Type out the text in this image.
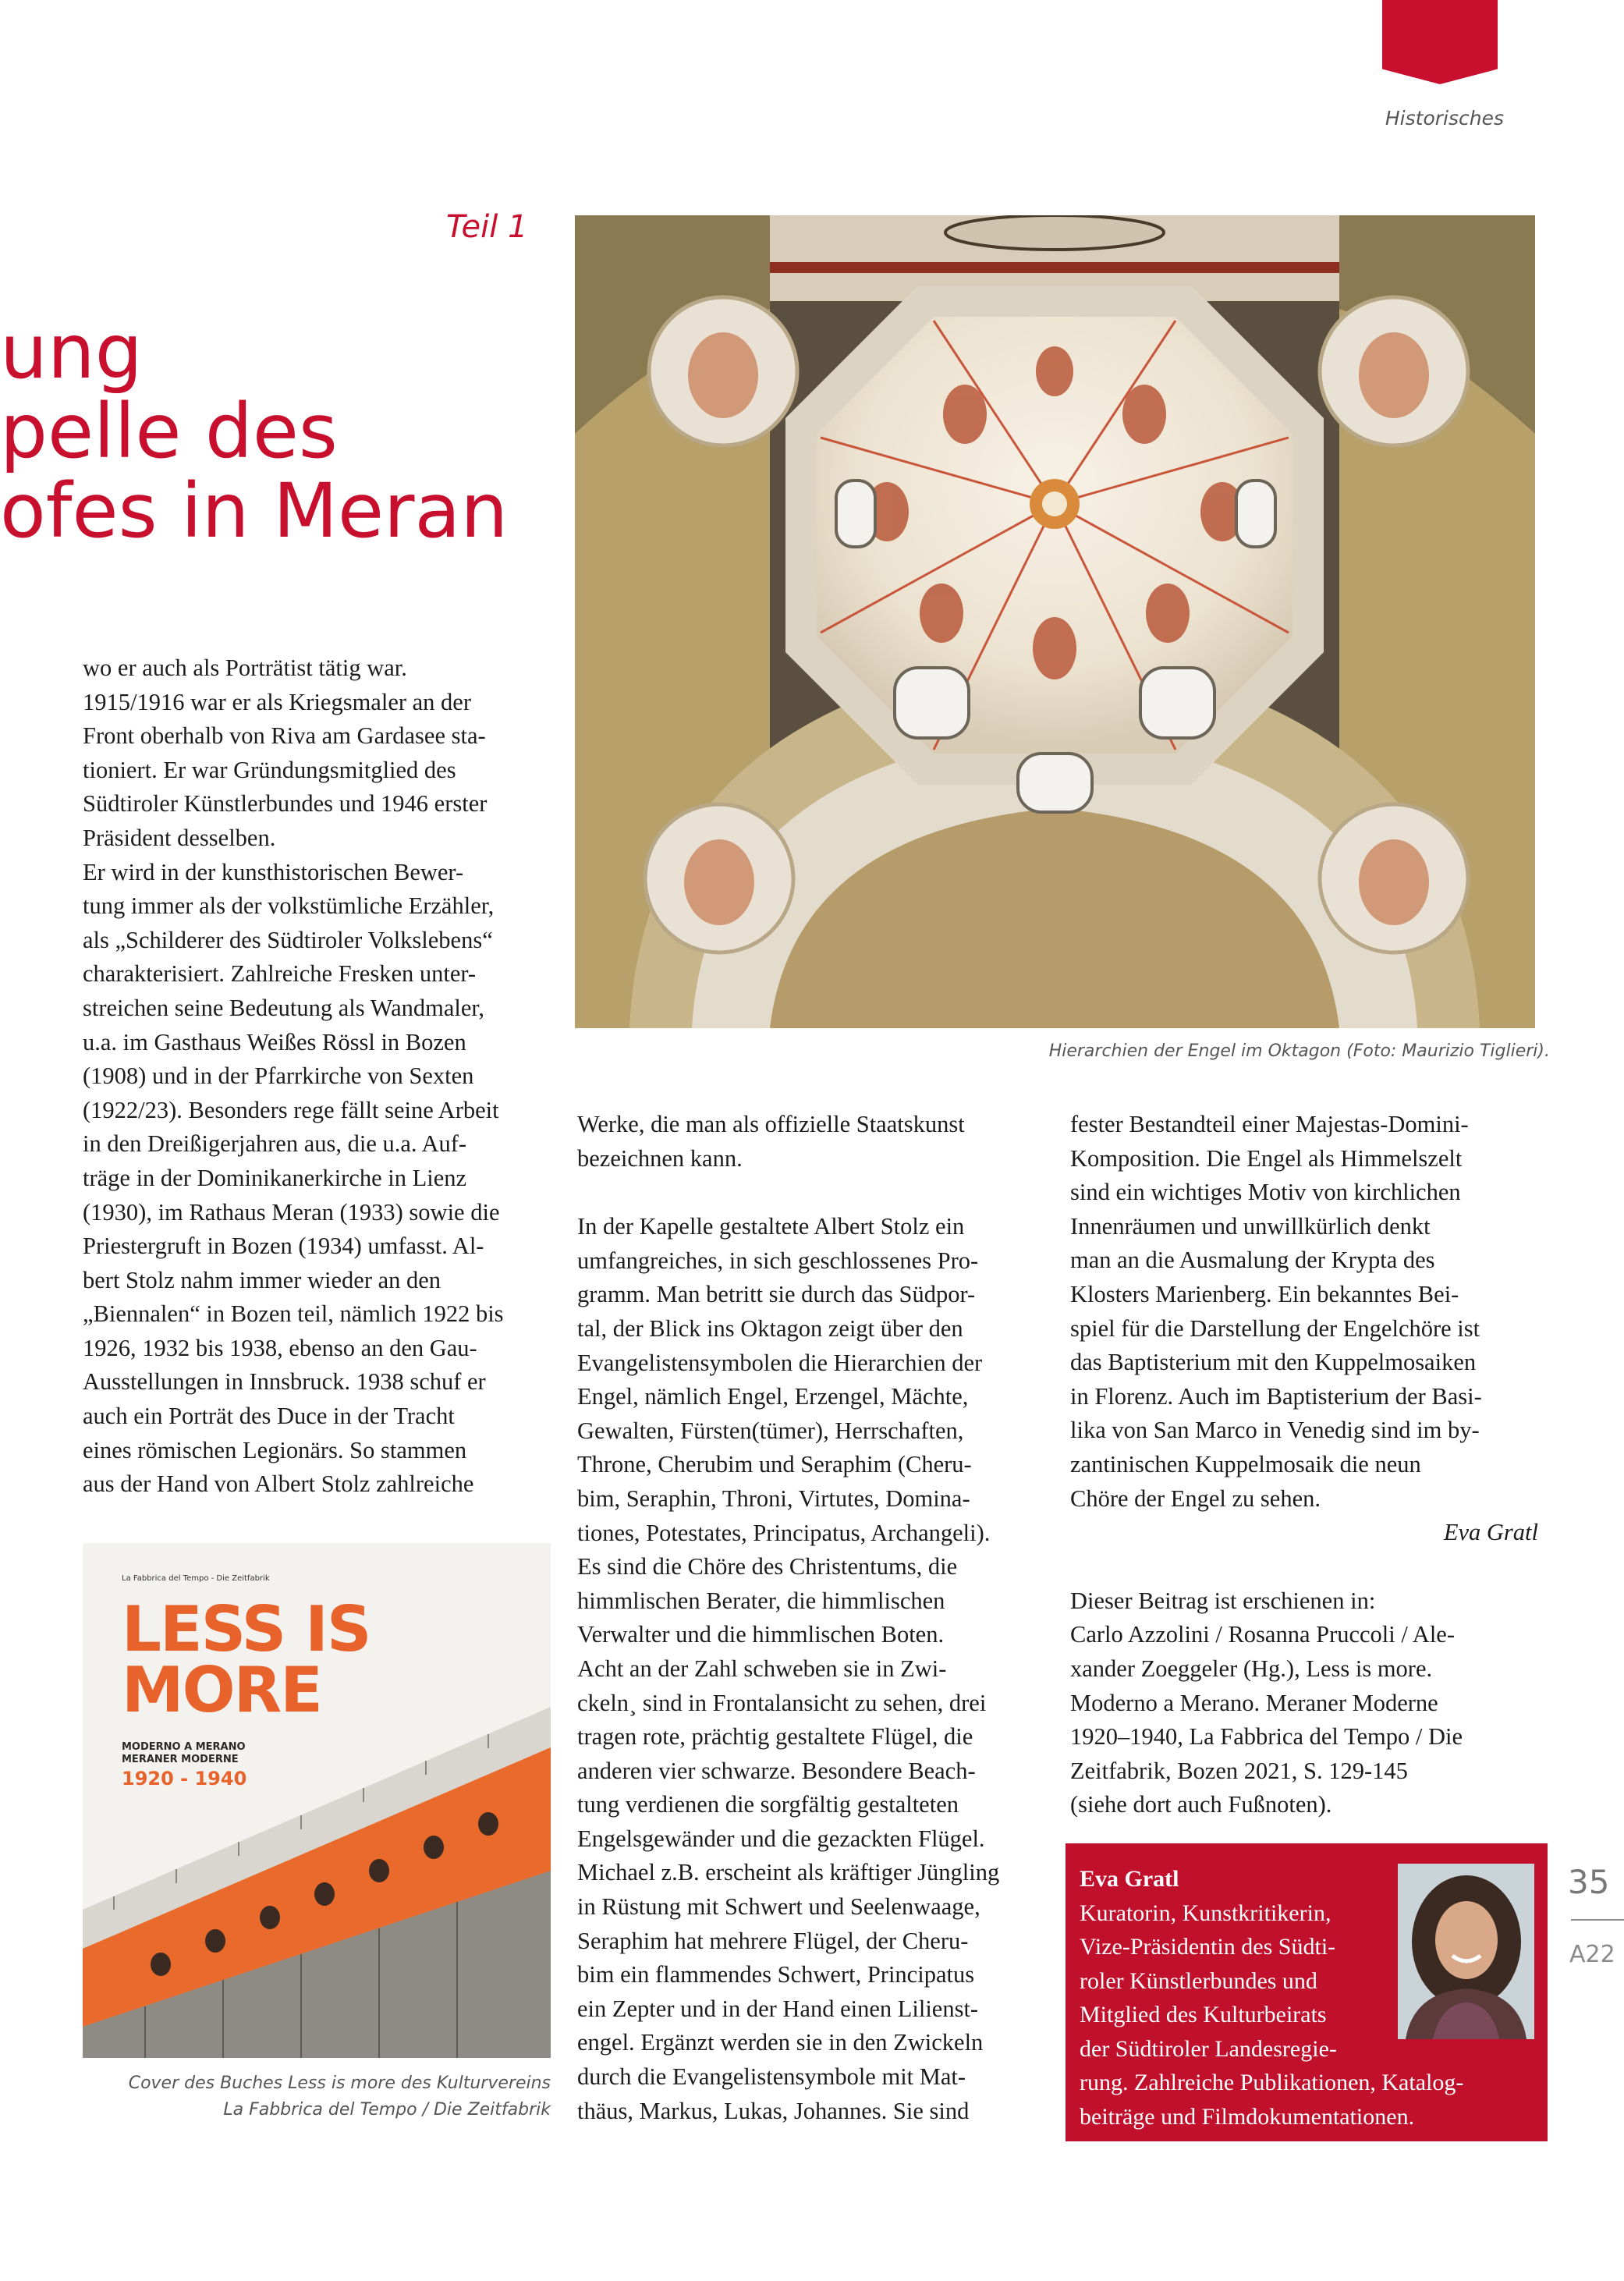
Historisches
Teil 1
ung
pelle des
ofes in Meran

wo er auch als Porträtist tätig war.
1915/1916 war er als Kriegsmaler an der
Front oberhalb von Riva am Gardasee sta-
tioniert. Er war Gründungsmitglied des
Südtiroler Künstlerbundes und 1946 erster
Präsident desselben.
Er wird in der kunsthistorischen Bewer-
tung immer als der volkstümliche Erzähler,
als „Schilderer des Südtiroler Volkslebens“
charakterisiert. Zahlreiche Fresken unter-
streichen seine Bedeutung als Wandmaler,
u.a. im Gasthaus Weißes Rössl in Bozen
(1908) und in der Pfarrkirche von Sexten
(1922/23). Besonders rege fällt seine Arbeit
in den Dreißigerjahren aus, die u.a. Auf-
träge in der Dominikanerkirche in Lienz
(1930), im Rathaus Meran (1933) sowie die
Priestergruft in Bozen (1934) umfasst. Al-
bert Stolz nahm immer wieder an den
„Biennalen“ in Bozen teil, nämlich 1922 bis
1926, 1932 bis 1938, ebenso an den Gau-
Ausstellungen in Innsbruck. 1938 schuf er
auch ein Porträt des Duce in der Tracht
eines römischen Legionärs. So stammen
aus der Hand von Albert Stolz zahlreiche

Hierarchien der Engel im Oktagon (Foto: Maurizio Tiglieri).
La Fabbrica del Tempo - Die Zeitfabrik
LESS IS
MORE
MODERNO A MERANO
MERANER MODERNE
1920 - 1940
Cover des Buches Less is more des Kulturvereins
La Fabbrica del Tempo / Die Zeitfabrik

Werke, die man als offizielle Staatskunst
bezeichnen kann.

In der Kapelle gestaltete Albert Stolz ein
umfangreiches, in sich geschlossenes Pro-
gramm. Man betritt sie durch das Südpor-
tal, der Blick ins Oktagon zeigt über den
Evangelistensymbolen die Hierarchien der
Engel, nämlich Engel, Erzengel, Mächte,
Gewalten, Fürsten(tümer), Herrschaften,
Throne, Cherubim und Seraphim (Cheru-
bim, Seraphin, Throni, Virtutes, Domina-
tiones, Potestates, Principatus, Archangeli).
Es sind die Chöre des Christentums, die
himmlischen Berater, die himmlischen
Verwalter und die himmlischen Boten.
Acht an der Zahl schweben sie in Zwi-
ckeln¸ sind in Frontalansicht zu sehen, drei
tragen rote, prächtig gestaltete Flügel, die
anderen vier schwarze. Besondere Beach-
tung verdienen die sorgfältig gestalteten
Engelsgewänder und die gezackten Flügel.
Michael z.B. erscheint als kräftiger Jüngling
in Rüstung mit Schwert und Seelenwaage,
Seraphim hat mehrere Flügel, der Cheru-
bim ein flammendes Schwert, Principatus
ein Zepter und in der Hand einen Lilienst-
engel. Ergänzt werden sie in den Zwickeln
durch die Evangelistensymbole mit Mat-
thäus, Markus, Lukas, Johannes. Sie sind

fester Bestandteil einer Majestas-Domini-
Komposition. Die Engel als Himmelszelt
sind ein wichtiges Motiv von kirchlichen
Innenräumen und unwillkürlich denkt
man an die Ausmalung der Krypta des
Klosters Marienberg. Ein bekanntes Bei-
spiel für die Darstellung der Engelchöre ist
das Baptisterium mit den Kuppelmosaiken
in Florenz. Auch im Baptisterium der Basi-
lika von San Marco in Venedig sind im by-
zantinischen Kuppelmosaik die neun
Chöre der Engel zu sehen.

Eva Gratl

Dieser Beitrag ist erschienen in:
Carlo Azzolini / Rosanna Pruccoli / Ale-
xander Zoeggeler (Hg.), Less is more.
Moderno a Merano. Meraner Moderne
1920–1940, La Fabbrica del Tempo / Die
Zeitfabrik, Bozen 2021, S. 129-145
(siehe dort auch Fußnoten).

Eva Gratl
Kuratorin, Kunstkritikerin,
Vize-Präsidentin des Südti-
roler Künstlerbundes und
Mitglied des Kulturbeirats
der Südtiroler Landesregie-
rung. Zahlreiche Publikationen, Katalog-
beiträge und Filmdokumentationen.
35
A22
